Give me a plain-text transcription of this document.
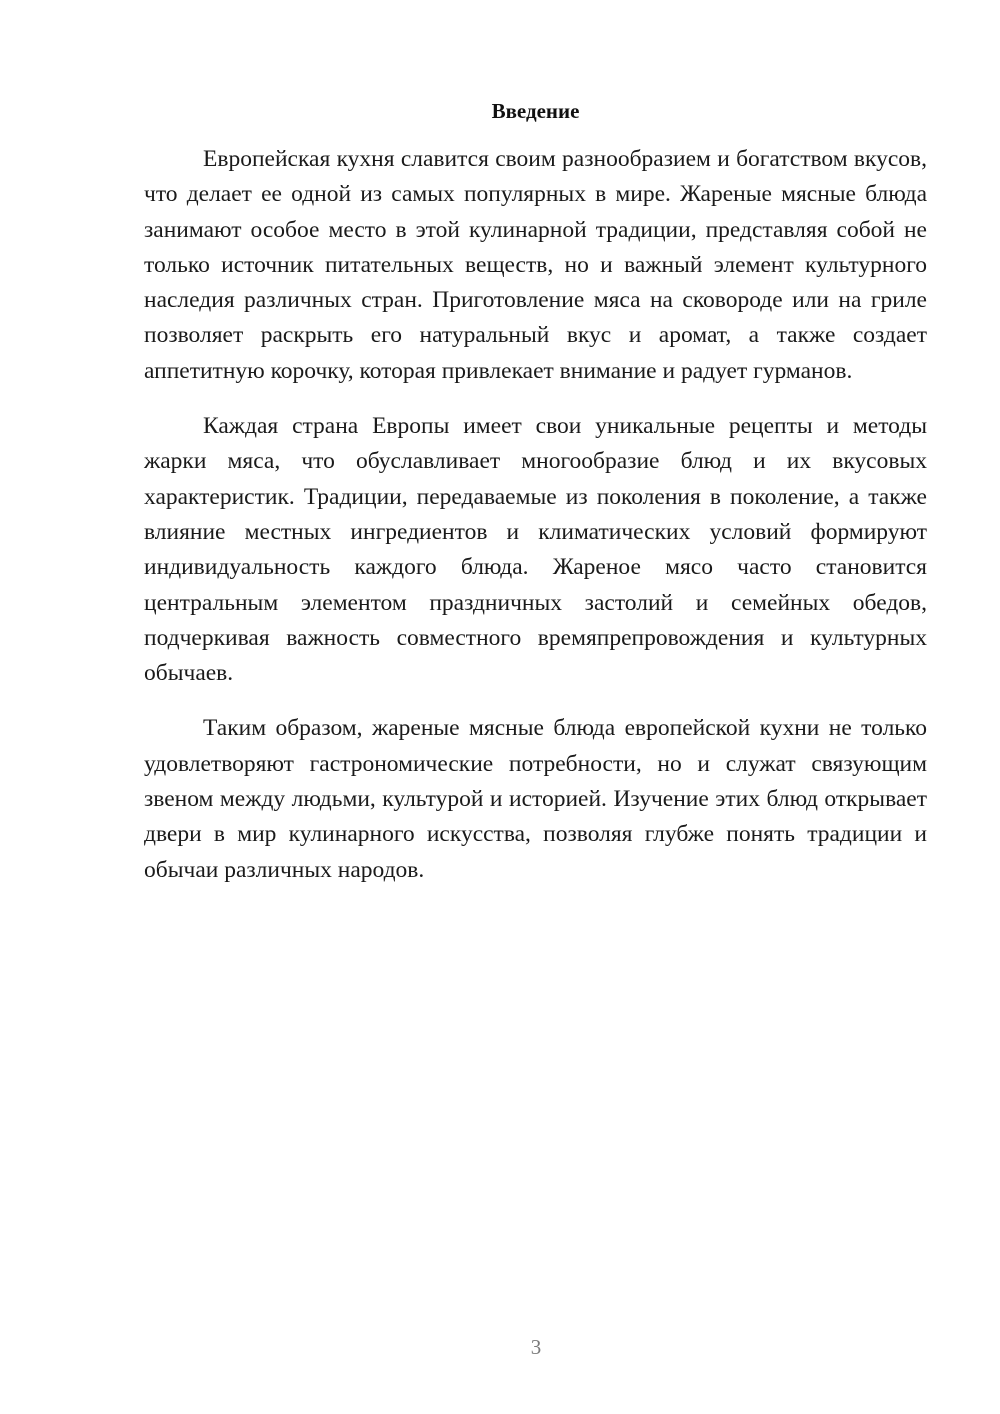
Введение

Европейская кухня славится своим разнообразием и богатством вкусов, что делает ее одной из самых популярных в мире. Жареные мясные блюда занимают особое место в этой кулинарной традиции, представляя собой не только источник питательных веществ, но и важный элемент культурного наследия различных стран. Приготовление мяса на сковороде или на гриле позволяет раскрыть его натуральный вкус и аромат, а также создает аппетитную корочку, которая привлекает внимание и радует гурманов.

Каждая страна Европы имеет свои уникальные рецепты и методы жарки мяса, что обуславливает многообразие блюд и их вкусовых характеристик. Традиции, передаваемые из поколения в поколение, а также влияние местных ингредиентов и климатических условий формируют индивидуальность каждого блюда. Жареное мясо часто становится центральным элементом праздничных застолий и семейных обедов, подчеркивая важность совместного времяпрепровождения и культурных обычаев.

Таким образом, жареные мясные блюда европейской кухни не только удовлетворяют гастрономические потребности, но и служат связующим звеном между людьми, культурой и историей. Изучение этих блюд открывает двери в мир кулинарного искусства, позволяя глубже понять традиции и обычаи различных народов.

3
